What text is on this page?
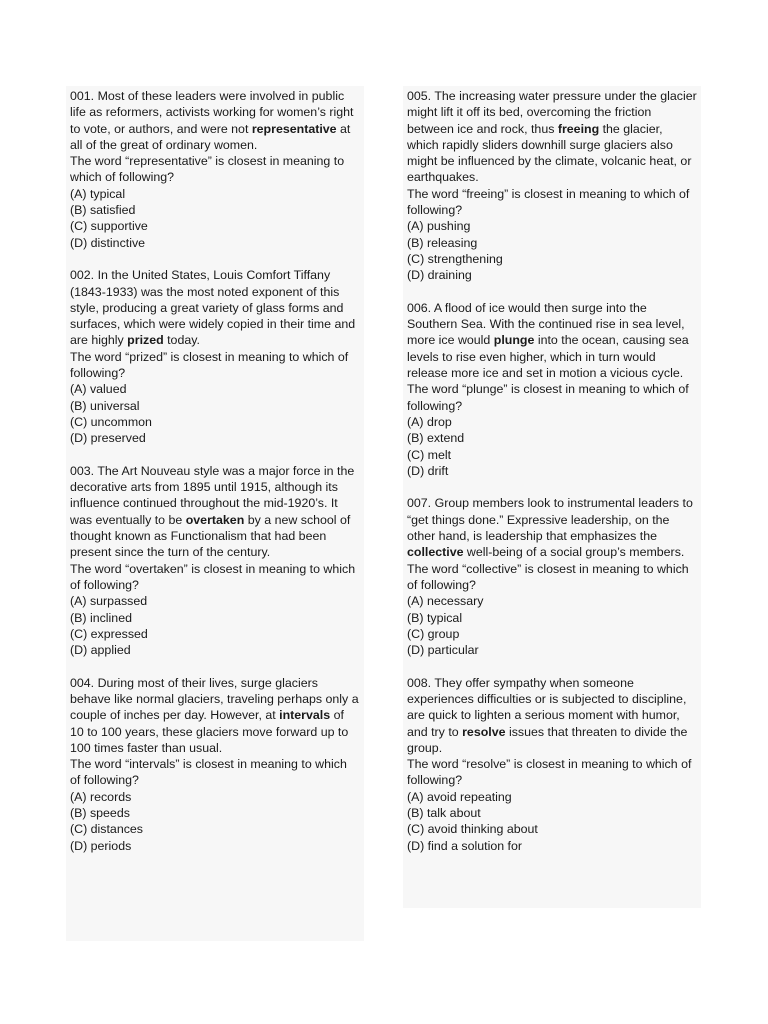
001. Most of these leaders were involved in public life as reformers, activists working for women’s right to vote, or authors, and were not representative at all of the great of ordinary women.

The word “representative” is closest in meaning to which of following?

(A) typical

(B) satisfied

(C) supportive

(D) distinctive

002. In the United States, Louis Comfort Tiffany (1843-1933) was the most noted exponent of this style, producing a great variety of glass forms and surfaces, which were widely copied in their time and are highly prized today.

The word “prized” is closest in meaning to which of following?

(A) valued

(B) universal

(C) uncommon

(D) preserved

003. The Art Nouveau style was a major force in the decorative arts from 1895 until 1915, although its influence continued throughout the mid-1920’s. It was eventually to be overtaken by a new school of thought known as Functionalism that had been present since the turn of the century.

The word “overtaken” is closest in meaning to which of following?

(A) surpassed

(B) inclined

(C) expressed

(D) applied

004. During most of their lives, surge glaciers behave like normal glaciers, traveling perhaps only a couple of inches per day. However, at intervals of 10 to 100 years, these glaciers move forward up to 100 times faster than usual.

The word “intervals” is closest in meaning to which of following?

(A) records

(B) speeds

(C) distances

(D) periods

005. The increasing water pressure under the glacier might lift it off its bed, overcoming the friction between ice and rock, thus freeing the glacier, which rapidly sliders downhill surge glaciers also might be influenced by the climate, volcanic heat, or earthquakes.

The word “freeing” is closest in meaning to which of following?

(A) pushing

(B) releasing

(C) strengthening

(D) draining

006. A flood of ice would then surge into the Southern Sea. With the continued rise in sea level, more ice would plunge into the ocean, causing sea levels to rise even higher, which in turn would release more ice and set in motion a vicious cycle.

The word “plunge” is closest in meaning to which of following?

(A) drop

(B) extend

(C) melt

(D) drift

007. Group members look to instrumental leaders to “get things done.” Expressive leadership, on the other hand, is leadership that emphasizes the collective well-being of a social group’s members.

The word “collective” is closest in meaning to which of following?

(A) necessary

(B) typical

(C) group

(D) particular

008. They offer sympathy when someone experiences difficulties or is subjected to discipline, are quick to lighten a serious moment with humor, and try to resolve issues that threaten to divide the group.

The word “resolve” is closest in meaning to which of following?

(A) avoid repeating

(B) talk about

(C) avoid thinking about

(D) find a solution for
